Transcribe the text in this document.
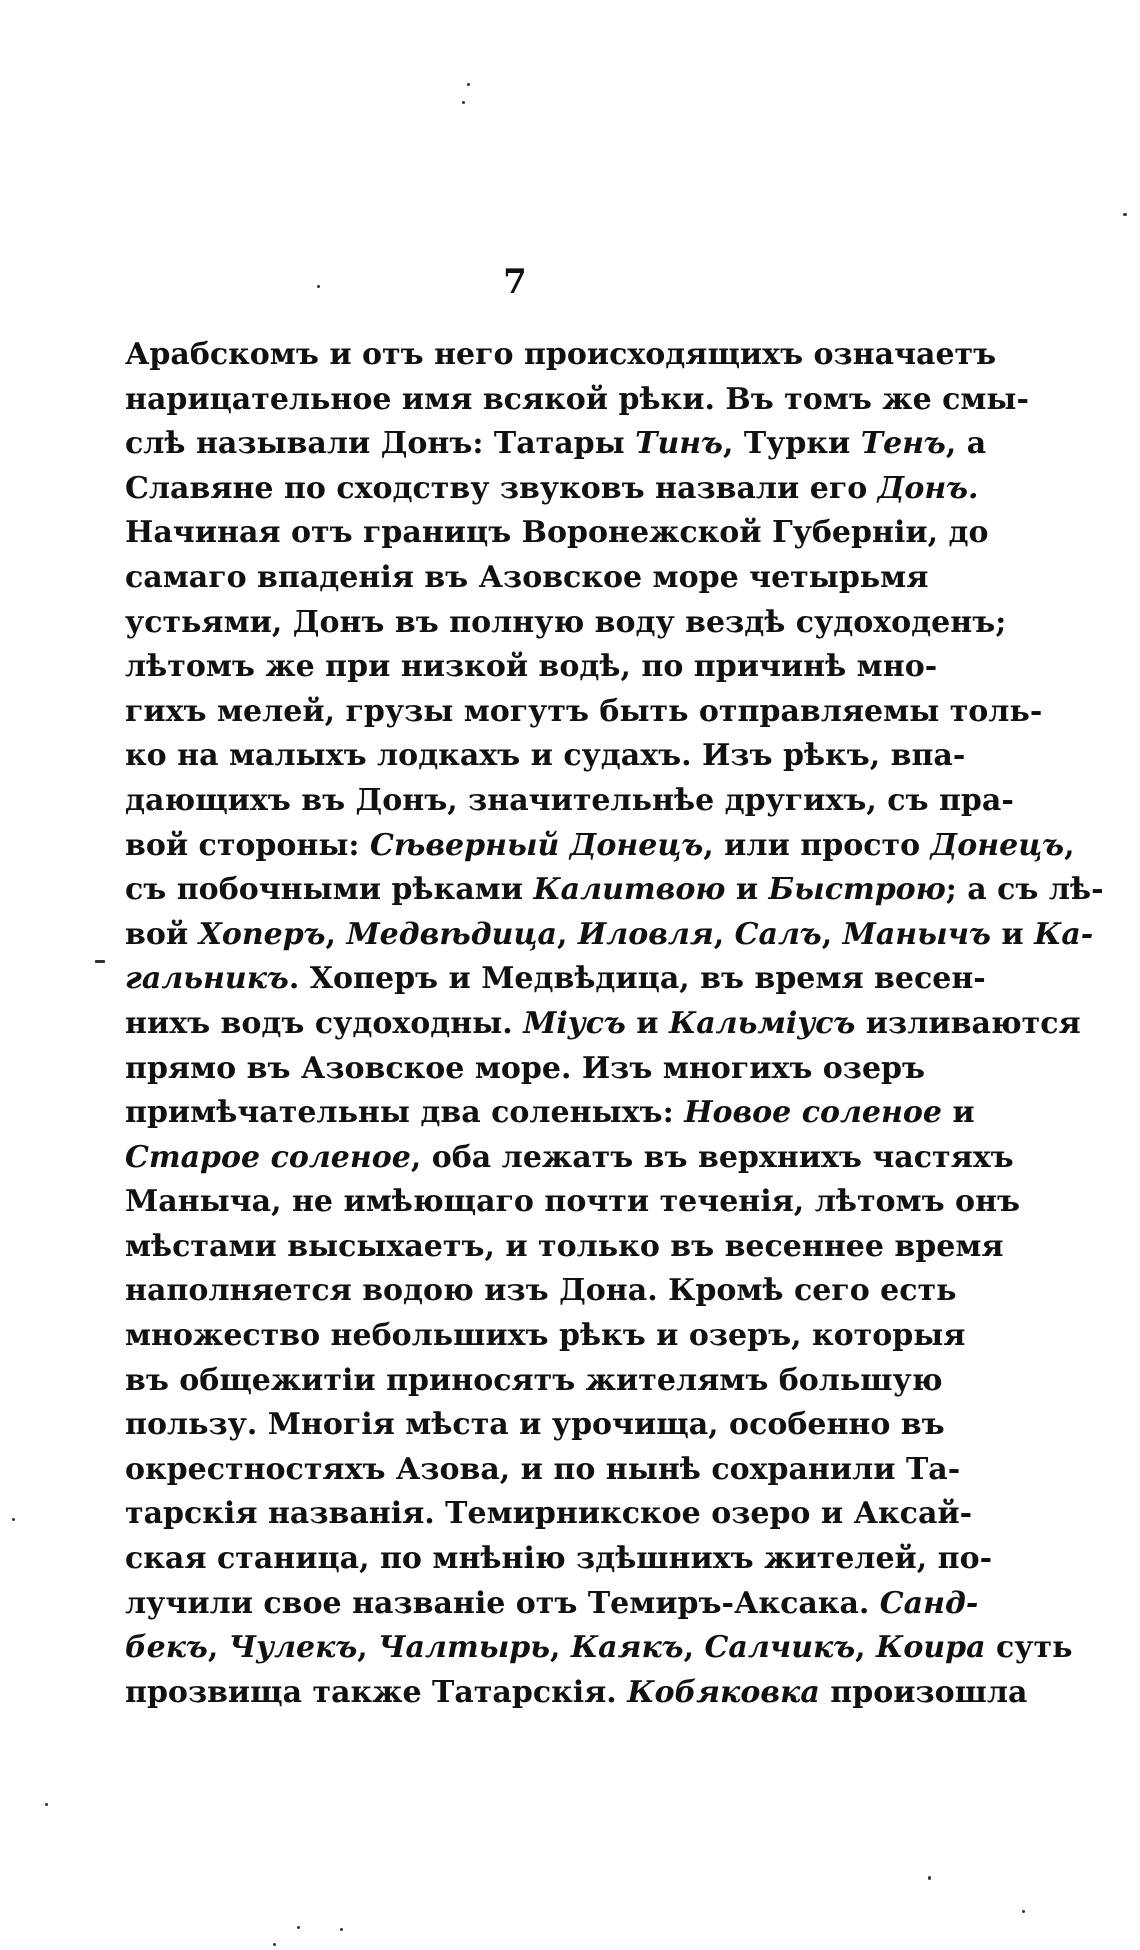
7

Арабскомъ и отъ него происходящихъ означаетъ
нарицательное имя всякой рѣки. Въ томъ же смы-
слѣ называли Донъ: Татары Тинъ, Турки Тенъ, а
Славяне по сходству звуковъ назвали его Донъ.
Начиная отъ границъ Воронежской Губерніи, до
самаго впаденія въ Азовское море четырьмя
устьями, Донъ въ полную воду вездѣ судоходенъ;
лѣтомъ же при низкой водѣ, по причинѣ мно-
гихъ мелей, грузы могутъ быть отправляемы толь-
ко на малыхъ лодкахъ и судахъ. Изъ рѣкъ, впа-
дающихъ въ Донъ, значительнѣе другихъ, съ пра-
вой стороны: Сѣверный Донецъ, или просто Донецъ,
съ побочными рѣками Калитвою и Быстрою; а съ лѣ-
вой Хоперъ, Медвѣдица, Иловля, Салъ, Манычъ и Ка-
гальникъ. Хоперъ и Медвѣдица, въ время весен-
нихъ водъ судоходны. Міусъ и Кальміусъ изливаются
прямо въ Азовское море. Изъ многихъ озеръ
примѣчательны два соленыхъ: Новое соленое и
Старое соленое, оба лежатъ въ верхнихъ частяхъ
Маныча, не имѣющаго почти теченія, лѣтомъ онъ
мѣстами высыхаетъ, и только въ весеннее время
наполняется водою изъ Дона. Кромѣ сего есть
множество небольшихъ рѣкъ и озеръ, которыя
въ общежитіи приносятъ жителямъ большую
пользу. Многія мѣста и урочища, особенно въ
окрестностяхъ Азова, и по нынѣ сохранили Та-
тарскія названія. Темирникское озеро и Аксай-
ская станица, по мнѣнію здѣшнихъ жителей, по-
лучили свое названіе отъ Темиръ-Аксака. Санд-
бекъ, Чулекъ, Чалтырь, Каякъ, Салчикъ, Коира суть
прозвища также Татарскія. Кобяковка произошла
